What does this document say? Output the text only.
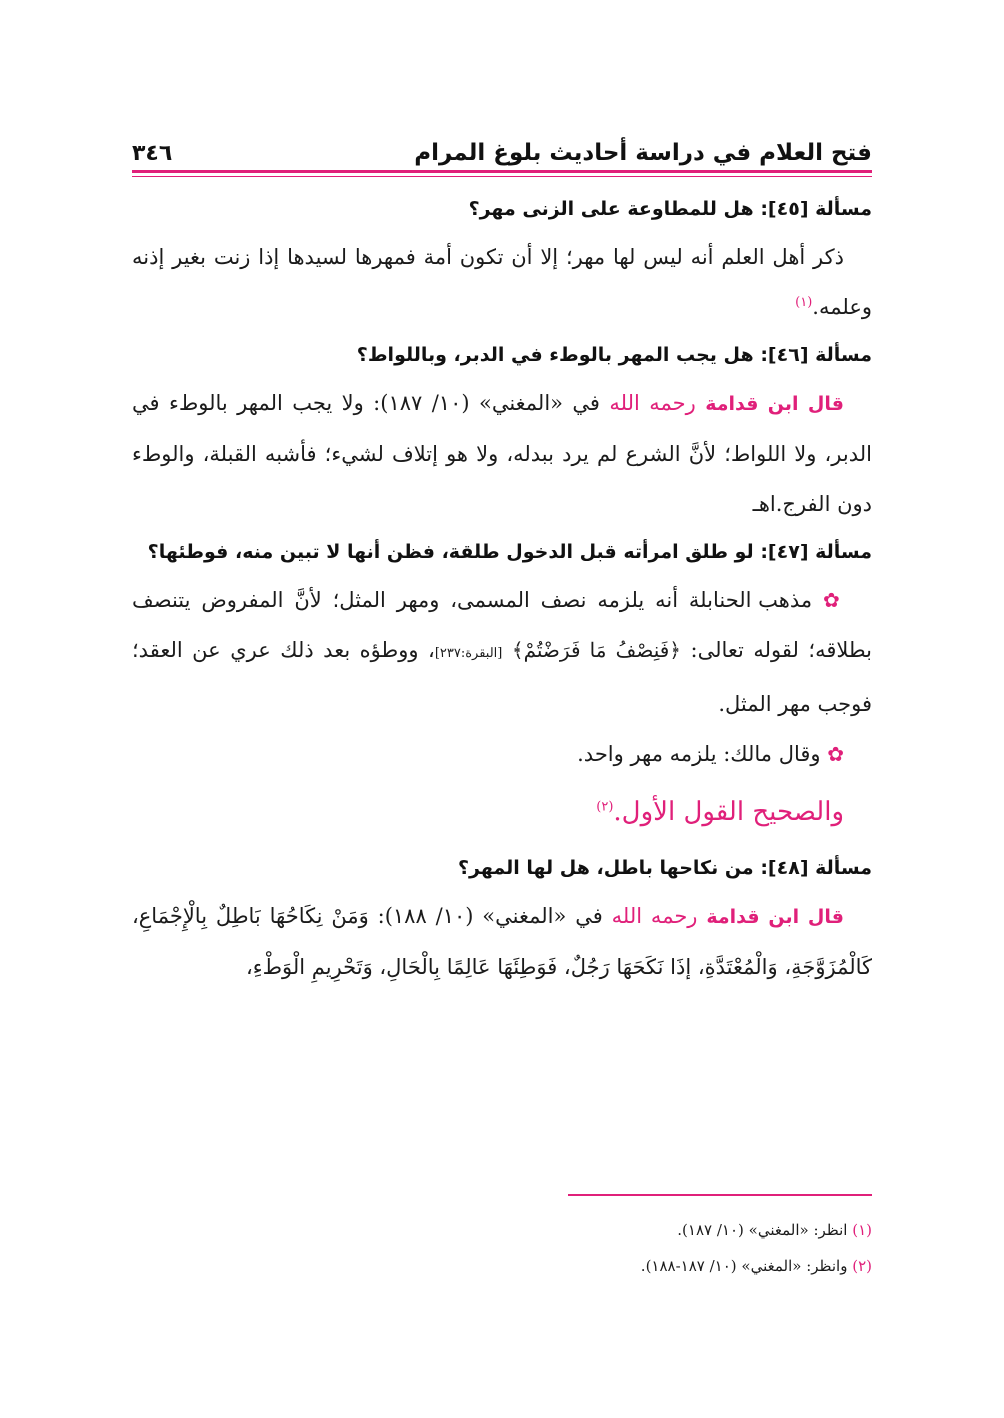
فتح العلام في دراسة أحاديث بلوغ المرام
٣٤٦

مسألة [٤٥]: هل للمطاوعة على الزنى مهر؟

ذكر أهل العلم أنه ليس لها مهر؛ إلا أن تكون أمة فمهرها لسيدها إذا زنت بغير إذنه وعلمه.$^{(١)}$

مسألة [٤٦]: هل يجب المهر بالوطء في الدبر، وباللواط؟

قال ابن قدامة رحمه الله في «المغني» (١٠/ ١٨٧): ولا يجب المهر بالوطء في الدبر، ولا اللواط؛ لأنَّ الشرع لم يرد ببدله، ولا هو إتلاف لشيء؛ فأشبه القبلة، والوطء دون الفرج.اهـ

مسألة [٤٧]: لو طلق امرأته قبل الدخول طلقة، فظن أنها لا تبين منه، فوطئها؟

✿ مذهب الحنابلة أنه يلزمه نصف المسمى، ومهر المثل؛ لأنَّ المفروض يتنصف بطلاقه؛ لقوله تعالى: ﴿فَنِصْفُ مَا فَرَضْتُمْ﴾ [البقرة:٢٣٧]، ووطؤه بعد ذلك عري عن العقد؛ فوجب مهر المثل.

✿ وقال مالك: يلزمه مهر واحد.

والصحيح القول الأول.$^{(٢)}$

مسألة [٤٨]: من نكاحها باطل، هل لها المهر؟

قال ابن قدامة رحمه الله في «المغني» (١٠/ ١٨٨): وَمَنْ نِكَاحُهَا بَاطِلٌ بِالْإِجْمَاعِ، كَالْمُزَوَّجَةِ، وَالْمُعْتَدَّةِ، إذَا نَكَحَهَا رَجُلٌ، فَوَطِئَهَا عَالِمًا بِالْحَالِ، وَتَحْرِيمِ الْوَطْءِ،

(١) انظر: «المغني» (١٠/ ١٨٧).

(٢) وانظر: «المغني» (١٠/ ١٨٧-١٨٨).
